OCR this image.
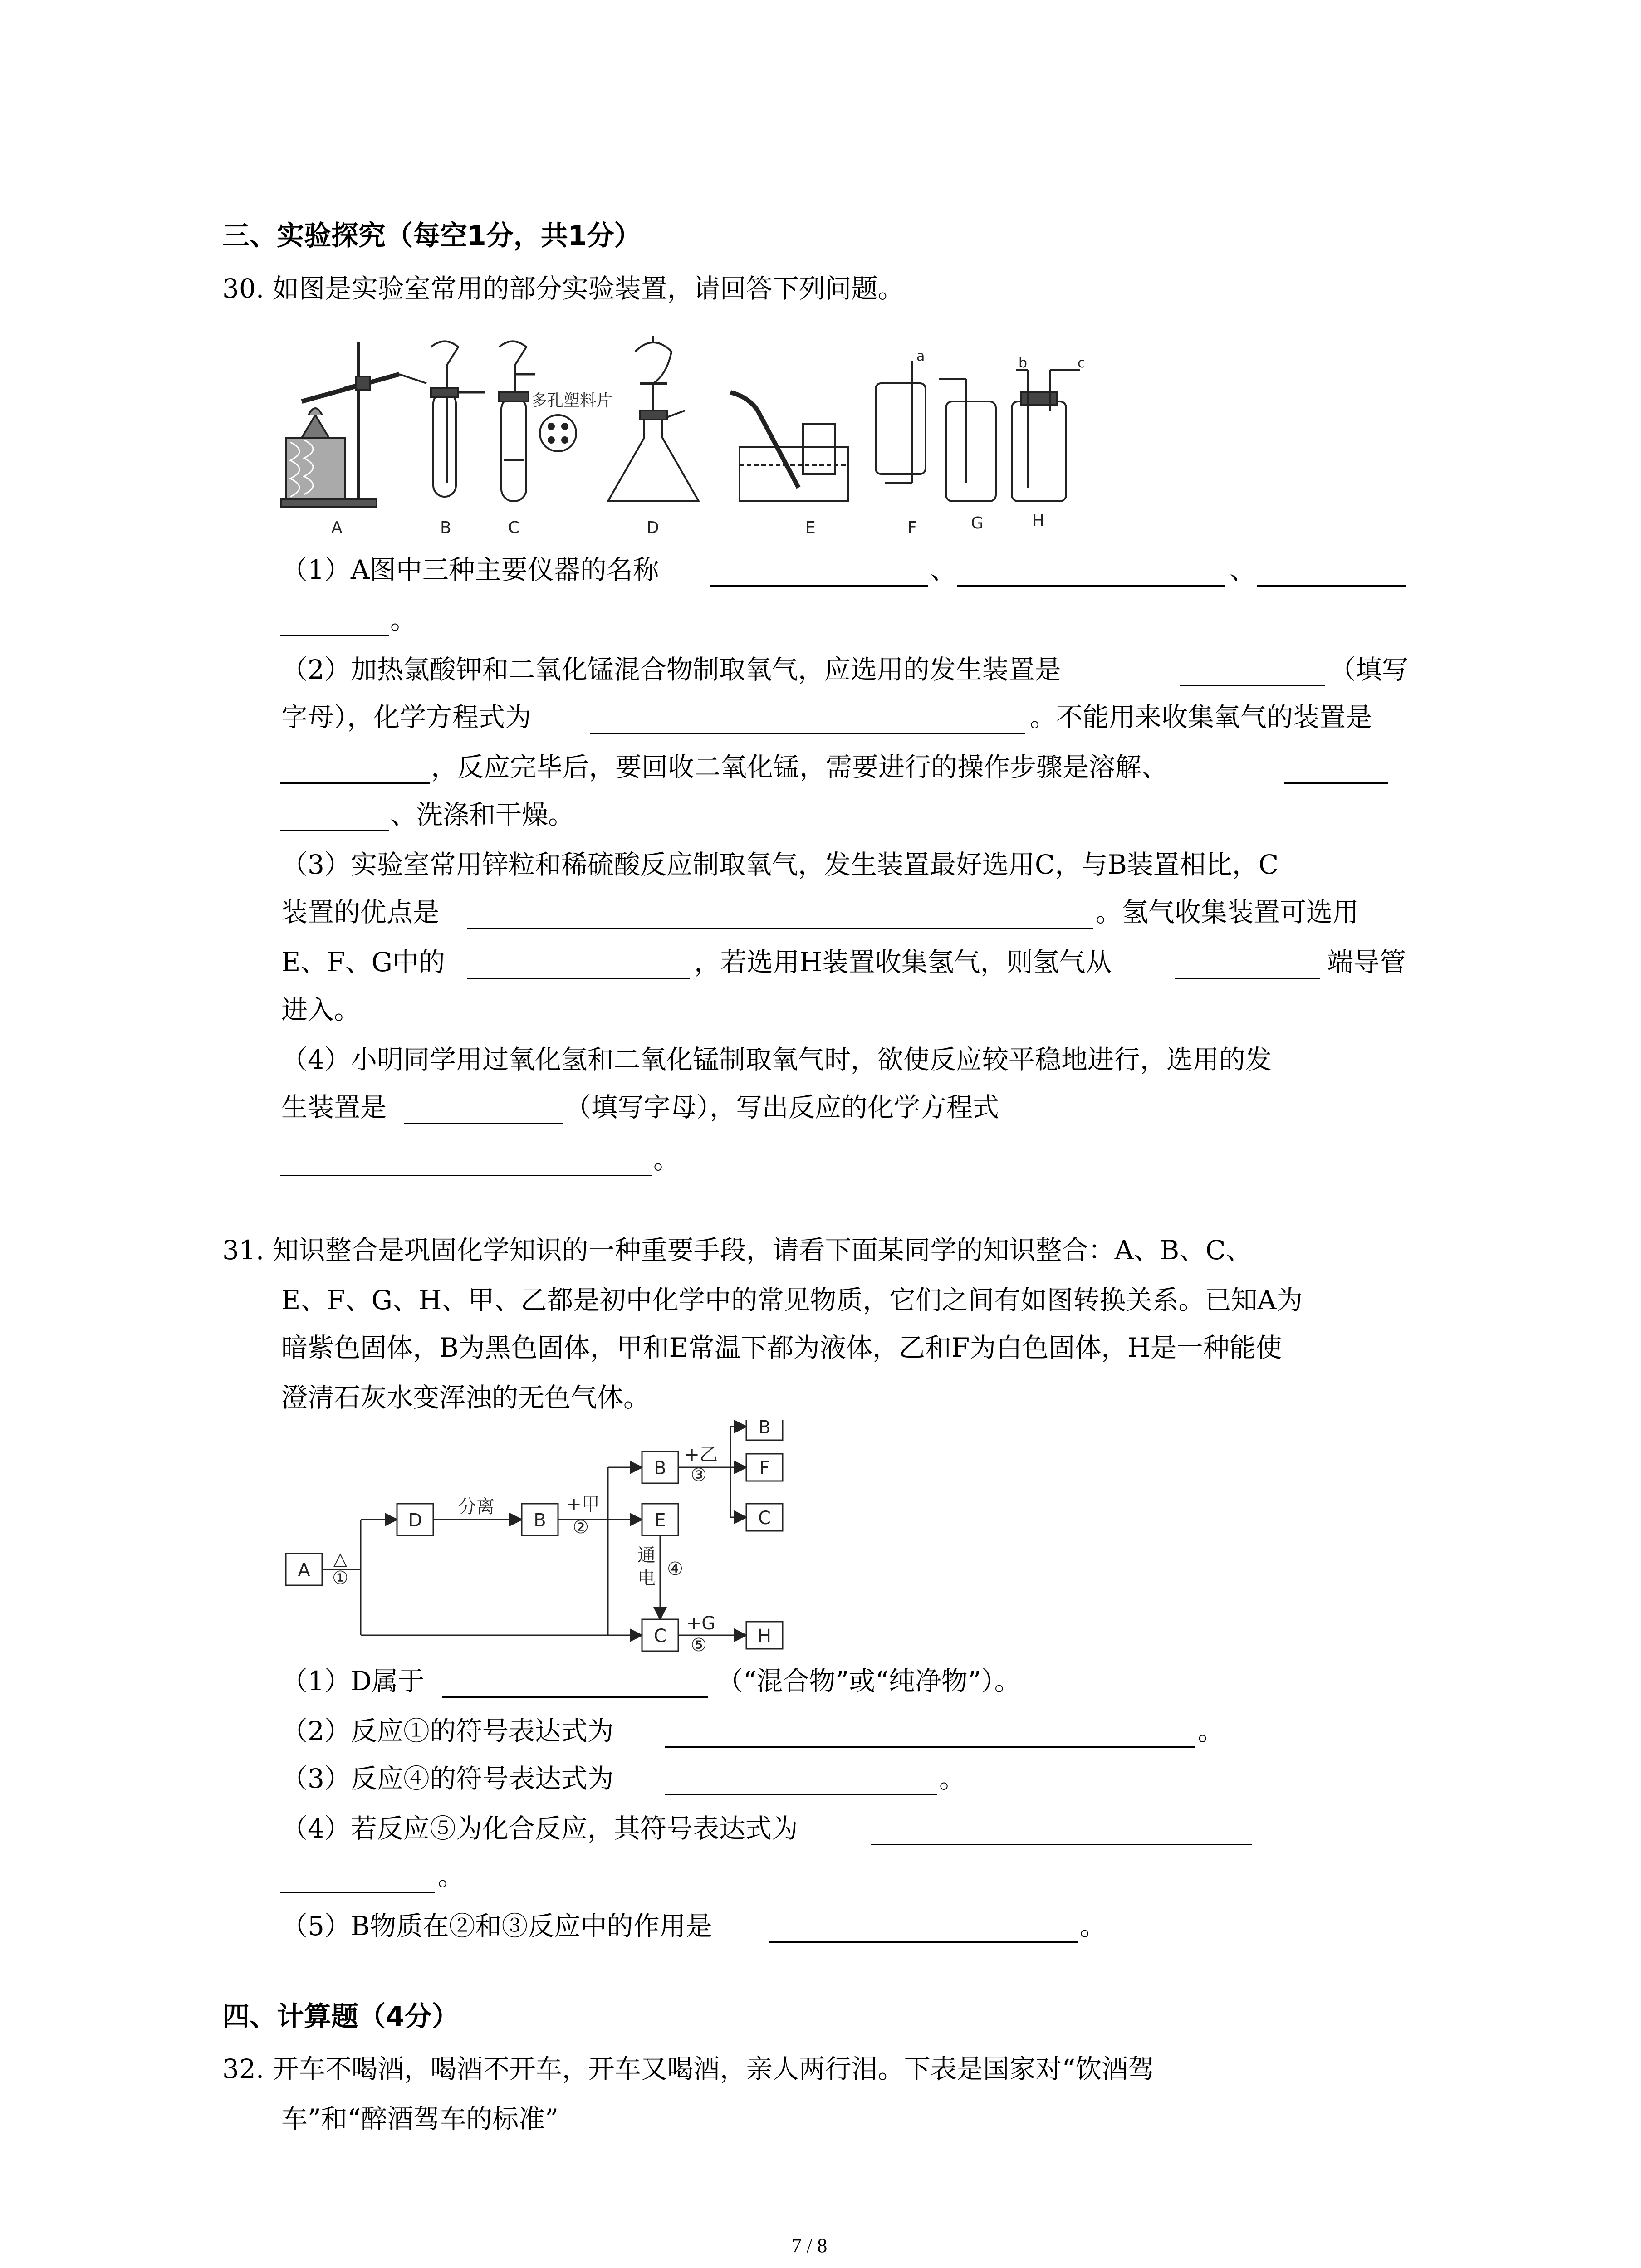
三、实验探究（每空1分，共1分）
30. 如图是实验室常用的部分实验装置，请回答下列问题。
A	B	C	D	E	F	G	H
多孔塑料片
a	b	c
（1）A图中三种主要仪器的名称	、	、
。
（2）加热氯酸钾和二氧化锰混合物制取氧气，应选用的发生装置是	（填写
字母），化学方程式为	。不能用来收集氧气的装置是
，反应完毕后，要回收二氧化锰，需要进行的操作步骤是溶解、
、洗涤和干燥。
（3）实验室常用锌粒和稀硫酸反应制取氧气，发生装置最好选用C，与B装置相比，C
装置的优点是	。氢气收集装置可选用
E、F、G中的	，若选用H装置收集氢气，则氢气从	端导管
进入。
（4）小明同学用过氧化氢和二氧化锰制取氧气时，欲使反应较平稳地进行，选用的发
生装置是	（填写字母），写出反应的化学方程式
。
31. 知识整合是巩固化学知识的一种重要手段，请看下面某同学的知识整合：A、B、C、
E、F、G、H、甲、乙都是初中化学中的常见物质，它们之间有如图转换关系。已知A为
暗紫色固体，B为黑色固体，甲和E常温下都为液体，乙和F为白色固体，H是一种能使
澄清石灰水变浑浊的无色气体。
A
D	B
B
E
C
B
F
C
H
△
①
分离	+甲
②
+乙
③
通
电 ④
+G
⑤
（1）D属于	（“混合物”或“纯净物”）。
（2）反应①的符号表达式为	。
（3）反应④的符号表达式为	。
（4）若反应⑤为化合反应，其符号表达式为
。
（5）B物质在②和③反应中的作用是	。
四、计算题（4分）
32. 开车不喝酒，喝酒不开车，开车又喝酒，亲人两行泪。下表是国家对“饮酒驾
车”和“醉酒驾车的标准”
7 / 8
